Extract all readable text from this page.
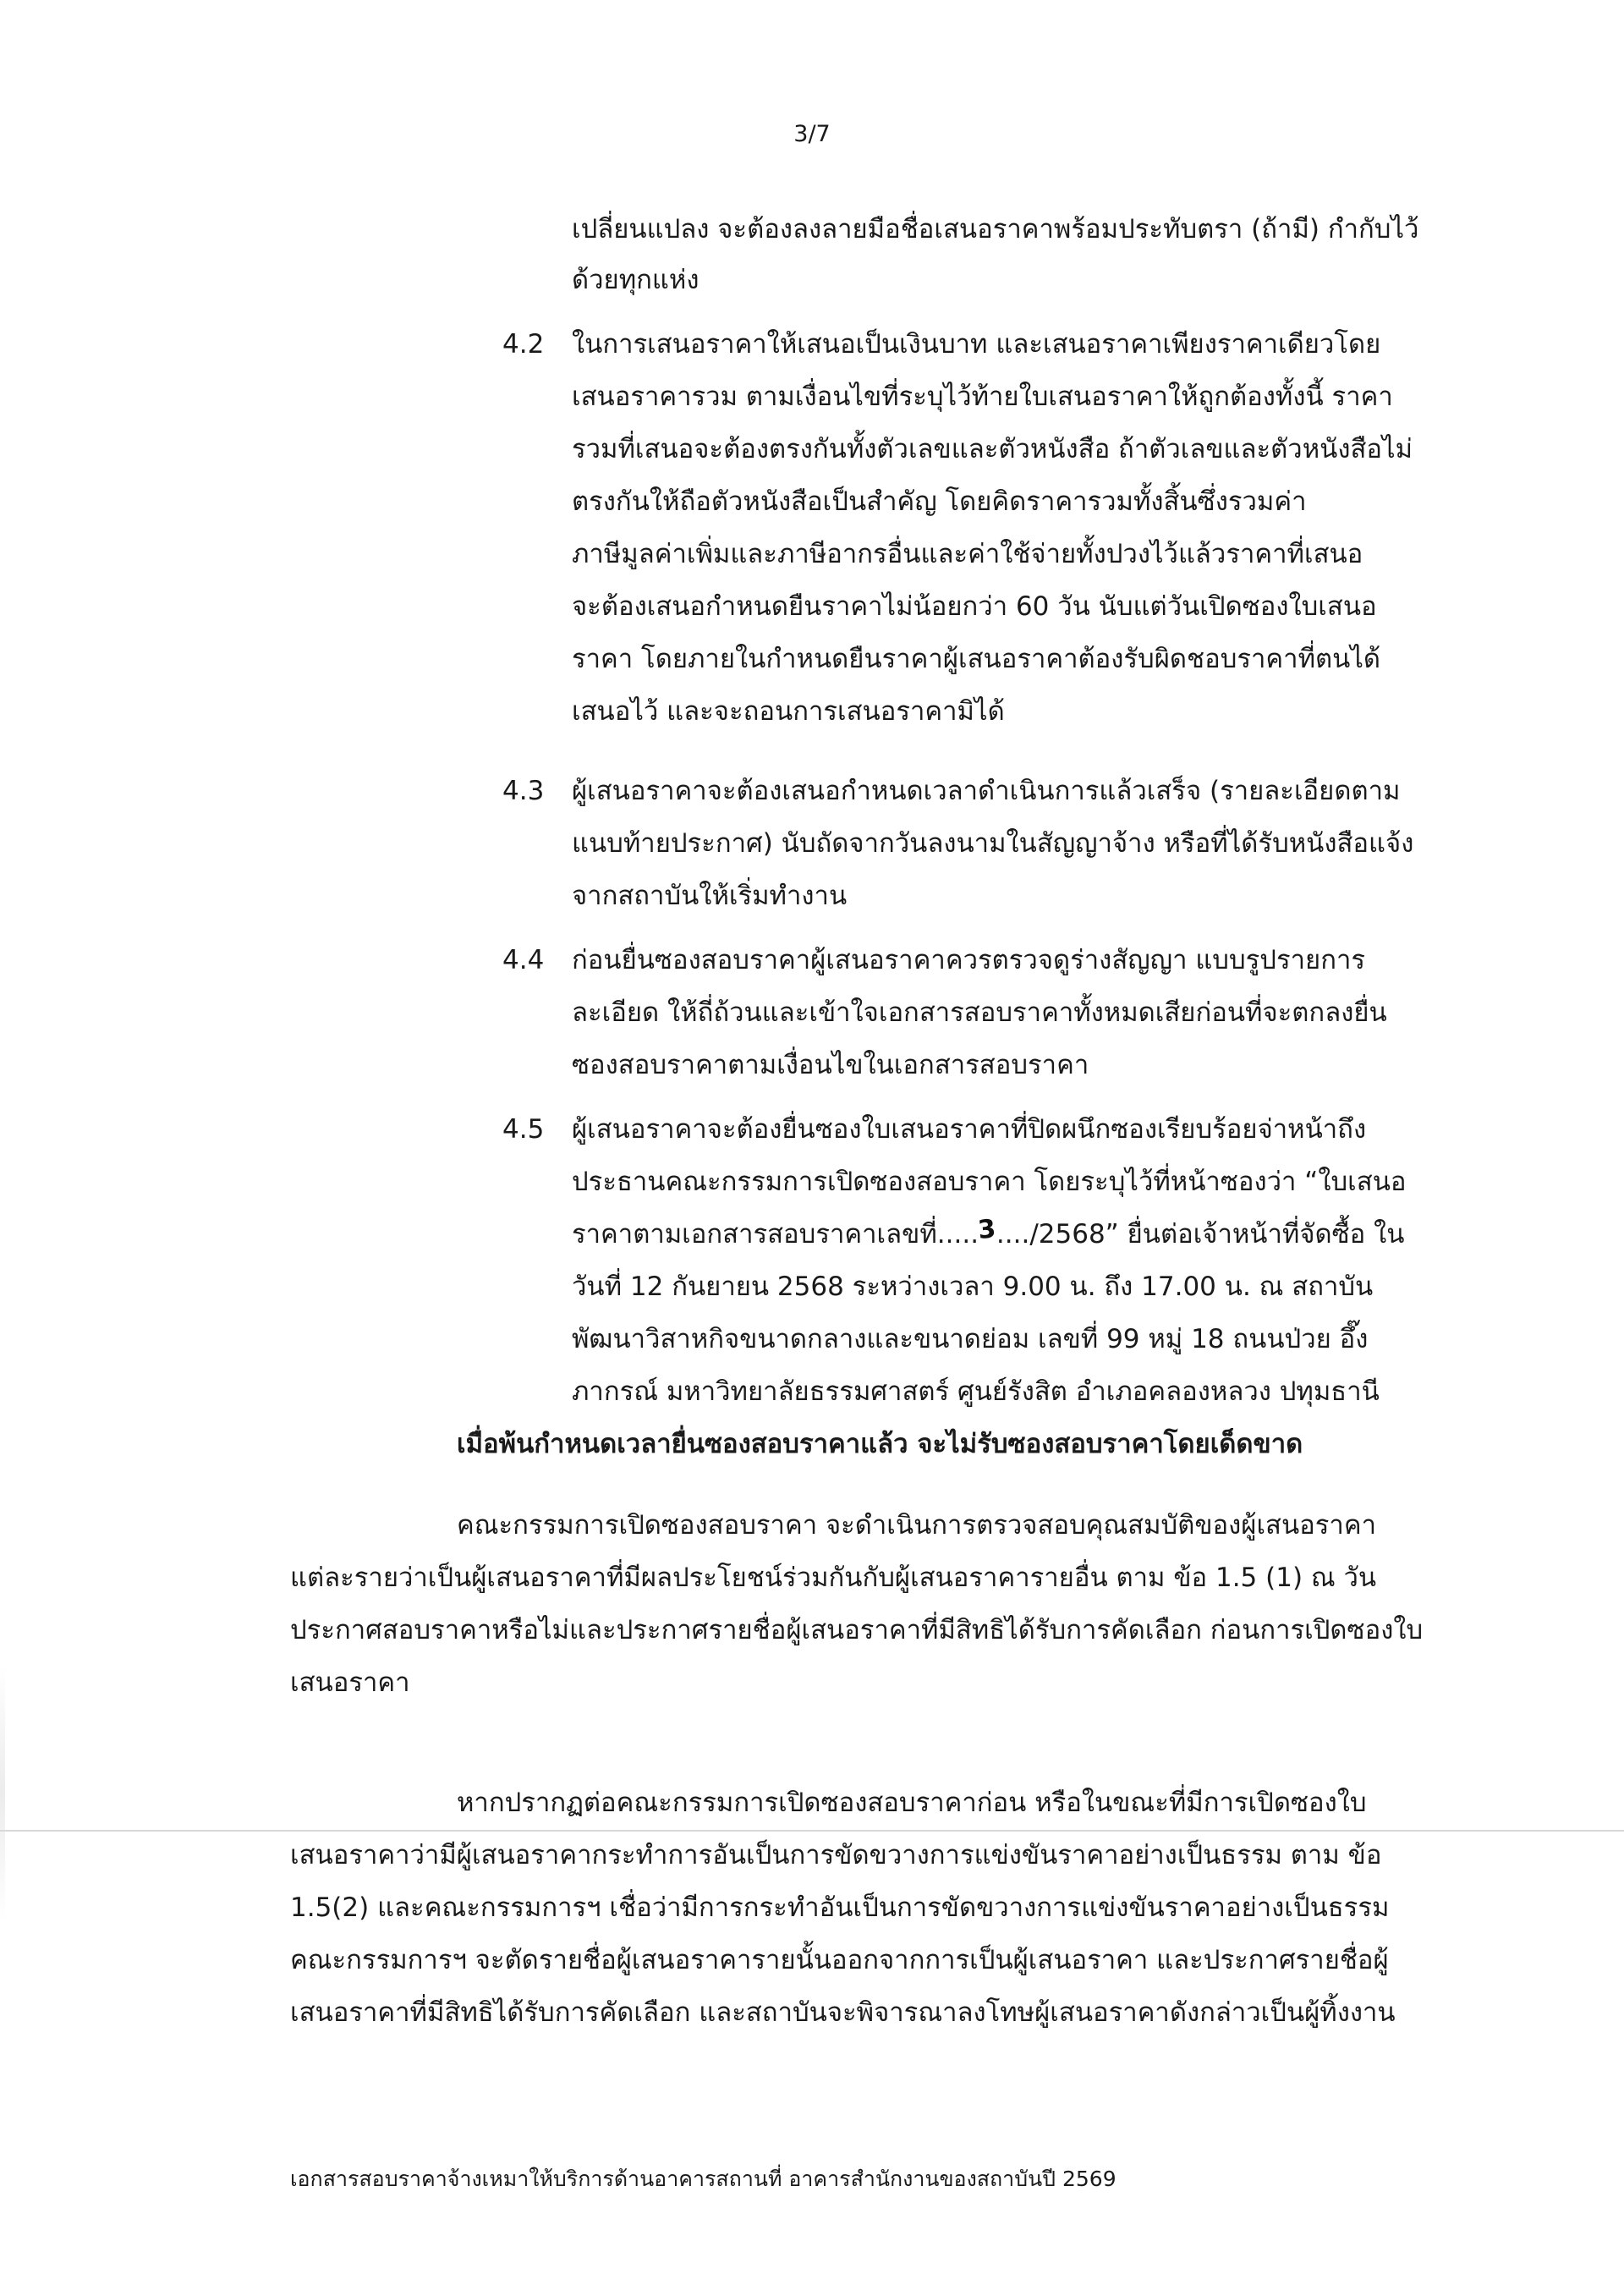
3/7
เปลี่ยนแปลง จะต้องลงลายมือชื่อเสนอราคาพร้อมประทับตรา (ถ้ามี) กำกับไว้
ด้วยทุกแห่ง
4.2 ในการเสนอราคาให้เสนอเป็นเงินบาท และเสนอราคาเพียงราคาเดียวโดย
เสนอราคารวม ตามเงื่อนไขที่ระบุไว้ท้ายใบเสนอราคาให้ถูกต้องทั้งนี้ ราคา
รวมที่เสนอจะต้องตรงกันทั้งตัวเลขและตัวหนังสือ ถ้าตัวเลขและตัวหนังสือไม่
ตรงกันให้ถือตัวหนังสือเป็นสำคัญ โดยคิดราคารวมทั้งสิ้นซึ่งรวมค่า
ภาษีมูลค่าเพิ่มและภาษีอากรอื่นและค่าใช้จ่ายทั้งปวงไว้แล้วราคาที่เสนอ
จะต้องเสนอกำหนดยืนราคาไม่น้อยกว่า 60 วัน นับแต่วันเปิดซองใบเสนอ
ราคา โดยภายในกำหนดยืนราคาผู้เสนอราคาต้องรับผิดชอบราคาที่ตนได้
เสนอไว้ และจะถอนการเสนอราคามิได้
4.3 ผู้เสนอราคาจะต้องเสนอกำหนดเวลาดำเนินการแล้วเสร็จ (รายละเอียดตาม
แนบท้ายประกาศ) นับถัดจากวันลงนามในสัญญาจ้าง หรือที่ได้รับหนังสือแจ้ง
จากสถาบันให้เริ่มทำงาน
4.4 ก่อนยื่นซองสอบราคาผู้เสนอราคาควรตรวจดูร่างสัญญา แบบรูปรายการ
ละเอียด ให้ถี่ถ้วนและเข้าใจเอกสารสอบราคาทั้งหมดเสียก่อนที่จะตกลงยื่น
ซองสอบราคาตามเงื่อนไขในเอกสารสอบราคา
4.5 ผู้เสนอราคาจะต้องยื่นซองใบเสนอราคาที่ปิดผนึกซองเรียบร้อยจ่าหน้าถึง
ประธานคณะกรรมการเปิดซองสอบราคา โดยระบุไว้ที่หน้าซองว่า “ใบเสนอ
ราคาตามเอกสารสอบราคาเลขที่.....3..../2568” ยื่นต่อเจ้าหน้าที่จัดซื้อ ใน
วันที่ 12 กันยายน 2568 ระหว่างเวลา 9.00 น. ถึง 17.00 น. ณ สถาบัน
พัฒนาวิสาหกิจขนาดกลางและขนาดย่อม เลขที่ 99 หมู่ 18 ถนนป่วย อึ๊ง
ภากรณ์ มหาวิทยาลัยธรรมศาสตร์ ศูนย์รังสิต อำเภอคลองหลวง ปทุมธานี
เมื่อพ้นกำหนดเวลายื่นซองสอบราคาแล้ว จะไม่รับซองสอบราคาโดยเด็ดขาด
คณะกรรมการเปิดซองสอบราคา จะดำเนินการตรวจสอบคุณสมบัติของผู้เสนอราคา
แต่ละรายว่าเป็นผู้เสนอราคาที่มีผลประโยชน์ร่วมกันกับผู้เสนอราคารายอื่น ตาม ข้อ 1.5 (1) ณ วัน
ประกาศสอบราคาหรือไม่และประกาศรายชื่อผู้เสนอราคาที่มีสิทธิได้รับการคัดเลือก ก่อนการเปิดซองใบ
เสนอราคา
หากปรากฏต่อคณะกรรมการเปิดซองสอบราคาก่อน หรือในขณะที่มีการเปิดซองใบ
เสนอราคาว่ามีผู้เสนอราคากระทำการอันเป็นการขัดขวางการแข่งขันราคาอย่างเป็นธรรม ตาม ข้อ
1.5(2) และคณะกรรมการฯ เชื่อว่ามีการกระทำอันเป็นการขัดขวางการแข่งขันราคาอย่างเป็นธรรม
คณะกรรมการฯ จะตัดรายชื่อผู้เสนอราคารายนั้นออกจากการเป็นผู้เสนอราคา และประกาศรายชื่อผู้
เสนอราคาที่มีสิทธิได้รับการคัดเลือก และสถาบันจะพิจารณาลงโทษผู้เสนอราคาดังกล่าวเป็นผู้ทิ้งงาน
เอกสารสอบราคาจ้างเหมาให้บริการด้านอาคารสถานที่ อาคารสำนักงานของสถาบันปี 2569
